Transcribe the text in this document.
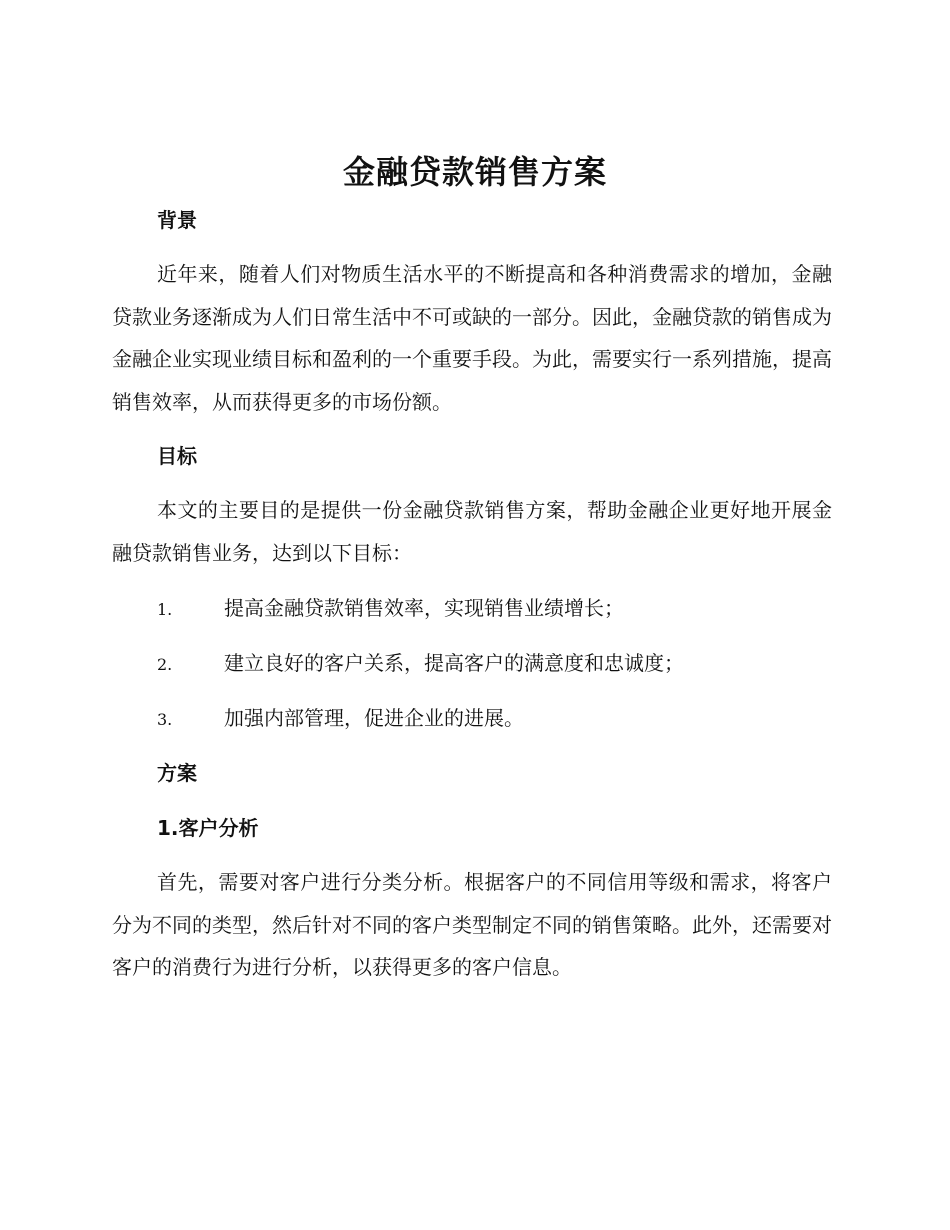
金融贷款销售方案
背景

近年来，随着人们对物质生活水平的不断提高和各种消费需求的增加，金融贷款业务逐渐成为人们日常生活中不可或缺的一部分。因此，金融贷款的销售成为金融企业实现业绩目标和盈利的一个重要手段。为此，需要实行一系列措施，提高销售效率，从而获得更多的市场份额。

目标

本文的主要目的是提供一份金融贷款销售方案，帮助金融企业更好地开展金融贷款销售业务，达到以下目标：

1.	提高金融贷款销售效率，实现销售业绩增长；
2.	建立良好的客户关系，提高客户的满意度和忠诚度；
3.	加强内部管理，促进企业的进展。
方案
1.客户分析

首先，需要对客户进行分类分析。根据客户的不同信用等级和需求，将客户分为不同的类型，然后针对不同的客户类型制定不同的销售策略。此外，还需要对客户的消费行为进行分析，以获得更多的客户信息。
